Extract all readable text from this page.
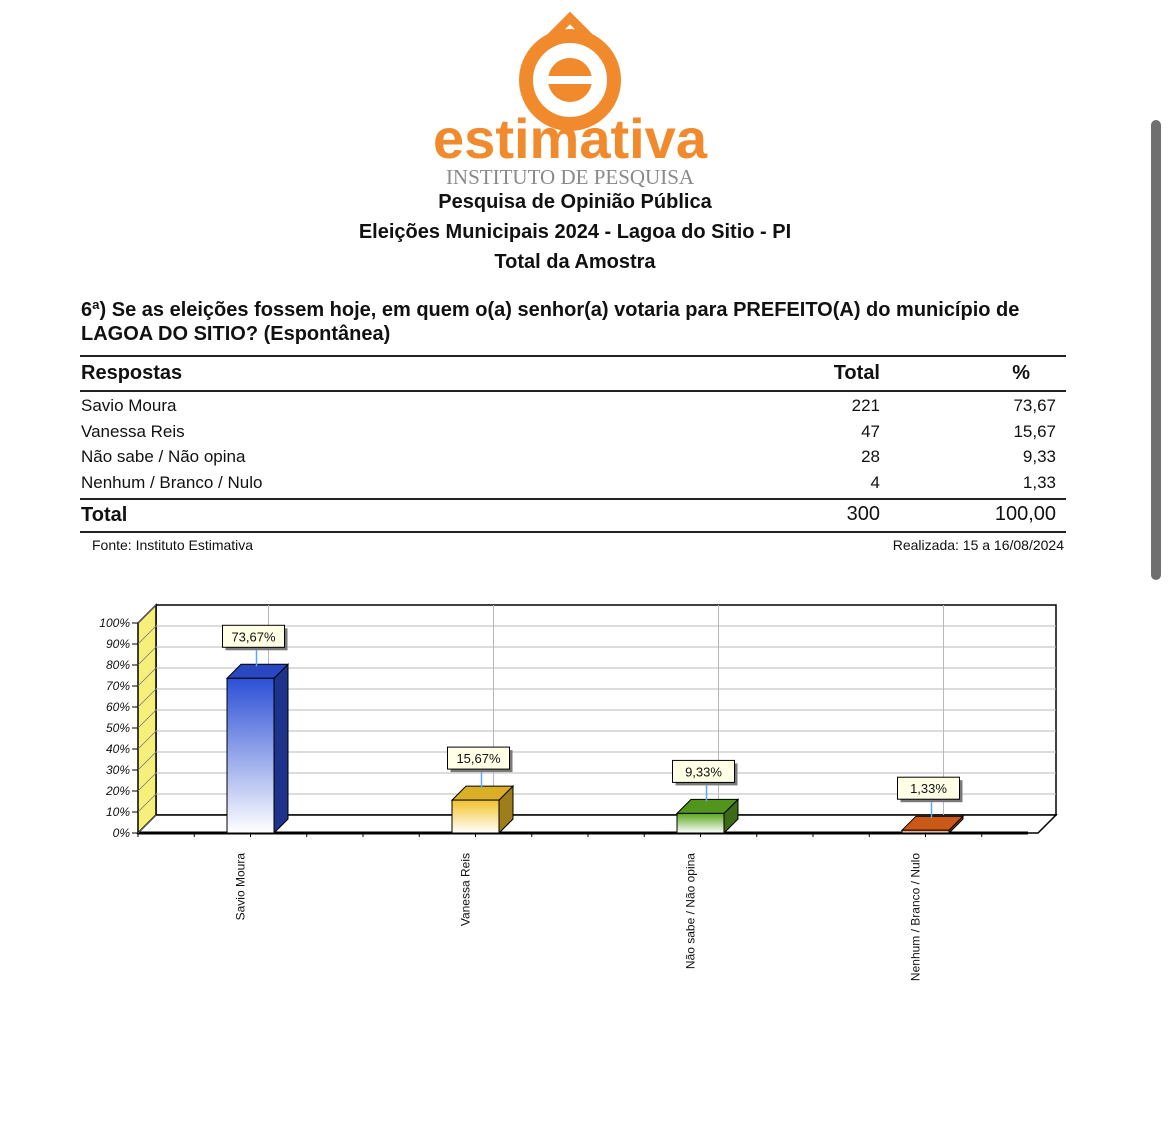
estimativa
INSTITUTO DE PESQUISA
Pesquisa de Opinião Pública
Eleições Municipais 2024 - Lagoa do Sitio - PI
Total da Amostra
6ª) Se as eleições fossem hoje, em quem o(a) senhor(a) votaria para PREFEITO(A) do município de LAGOA DO SITIO? (Espontânea)
Respostas	Total	%
Savio Moura	221	73,67
Vanessa Reis	47	15,67
Não sabe / Não opina	28	9,33
Nenhum / Branco / Nulo	4	1,33
Total	300	100,00
Fonte: Instituto Estimativa	Realizada: 15 a 16/08/2024
0%
10%
20%
30%
40%
50%
60%
70%
80%
90%
100%
73,67%
15,67%
9,33%
1,33%
Savio Moura	Vanessa Reis	Não sabe / Não opina	Nenhum / Branco / Nulo
